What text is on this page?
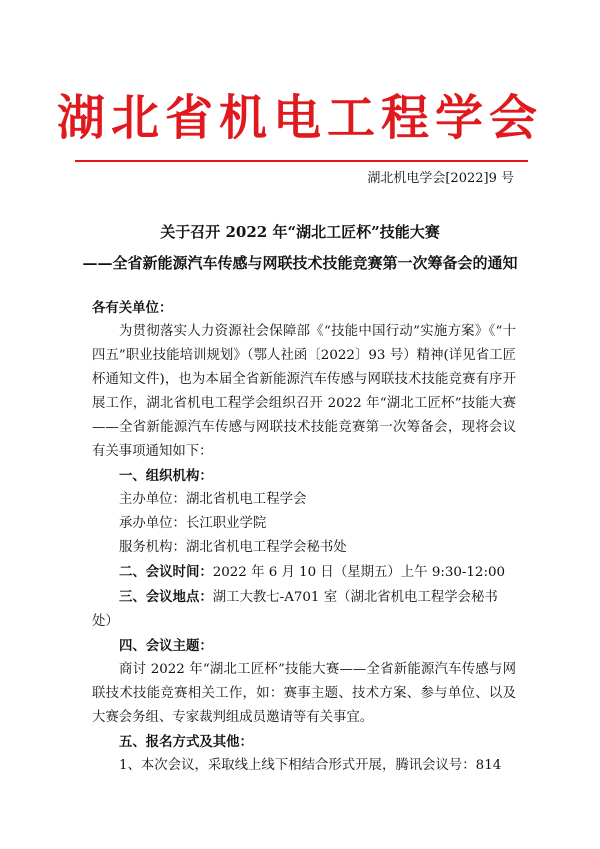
湖北省机电工程学会
湖北机电学会[2022]9 号
关于召开 2022 年“湖北工匠杯”技能大赛
——全省新能源汽车传感与网联技术技能竞赛第一次筹备会的通知

各有关单位：

为贯彻落实人力资源社会保障部《“技能中国行动”实施方案》《“十四五”职业技能培训规划》（鄂人社函〔2022〕93 号）精神(详见省工匠杯通知文件)，也为本届全省新能源汽车传感与网联技术技能竞赛有序开展工作，湖北省机电工程学会组织召开 2022 年“湖北工匠杯”技能大赛——全省新能源汽车传感与网联技术技能竞赛第一次筹备会，现将会议有关事项通知如下：

一、组织机构：

主办单位：湖北省机电工程学会

承办单位：长江职业学院

服务机构：湖北省机电工程学会秘书处

二、会议时间：2022 年 6 月 10 日（星期五）上午 9:30-12:00

三、会议地点：湖工大教七-A701 室（湖北省机电工程学会秘书处）

四、会议主题：

商讨 2022 年“湖北工匠杯”技能大赛——全省新能源汽车传感与网联技术技能竞赛相关工作，如：赛事主题、技术方案、参与单位、以及大赛会务组、专家裁判组成员邀请等有关事宜。

五、报名方式及其他：

1、本次会议，采取线上线下相结合形式开展，腾讯会议号：814
